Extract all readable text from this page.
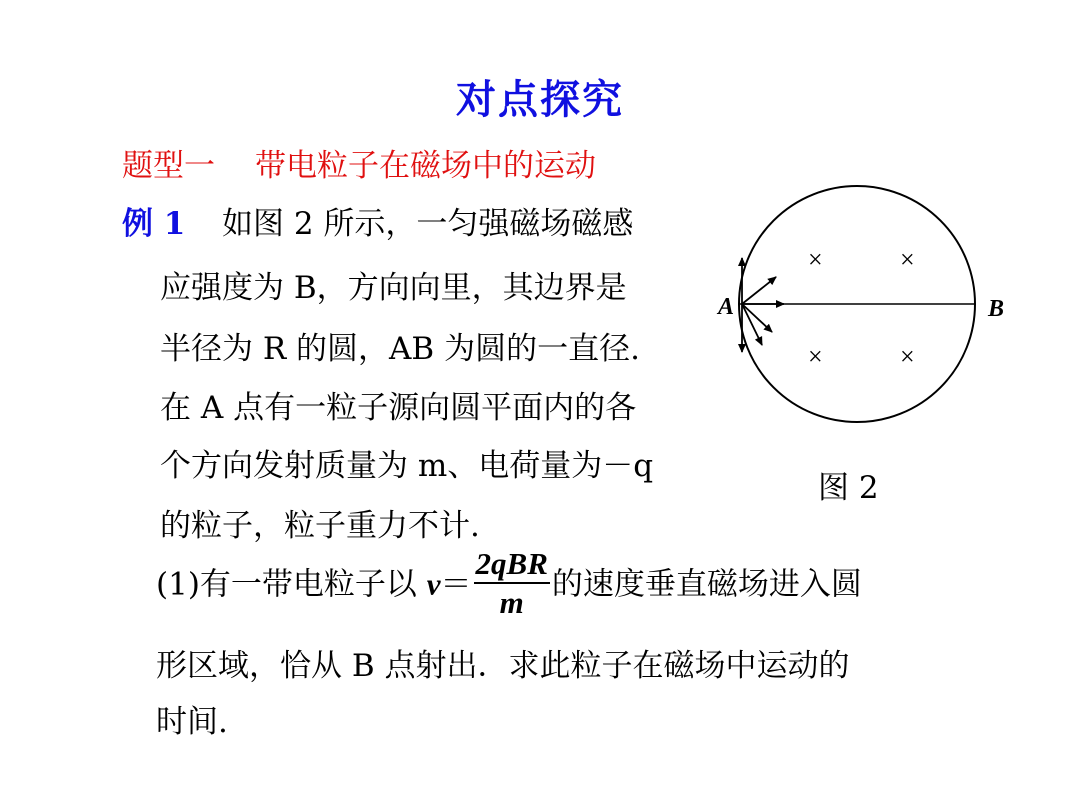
对点探究
题型一 带电粒子在磁场中的运动
例 1 如图 2 所示，一匀强磁场磁感
应强度为 B，方向向里，其边界是
半径为 R 的圆，AB 为圆的一直径.
在 A 点有一粒子源向圆平面内的各
个方向发射质量为 m、电荷量为－q
的粒子，粒子重力不计.
(1)有一带电粒子以 $v= \frac{\text{2qBR}}{m}$ 的速度垂直磁场进入圆
形区域，恰从 B 点射出．求此粒子在磁场中运动的
时间.
×	×
×	×
A	B
图 2
